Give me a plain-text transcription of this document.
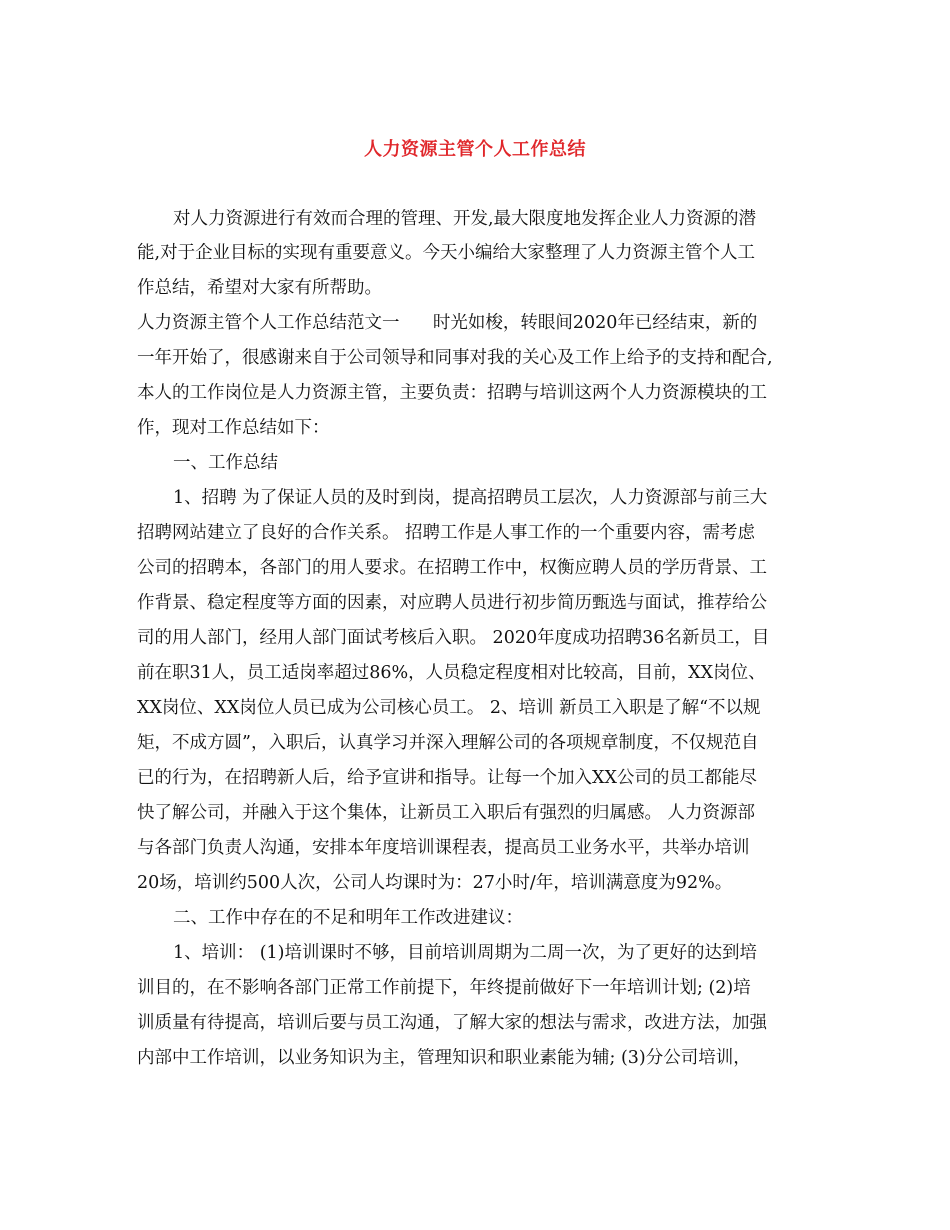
人力资源主管个人工作总结
对人力资源进行有效而合理的管理、开发,最大限度地发挥企业人力资源的潜
能,对于企业目标的实现有重要意义。今天小编给大家整理了人力资源主管个人工
作总结，希望对大家有所帮助。
人力资源主管个人工作总结范文一      时光如梭，转眼间2020年已经结束，新的
一年开始了，很感谢来自于公司领导和同事对我的关心及工作上给予的支持和配合,
本人的工作岗位是人力资源主管，主要负责：招聘与培训这两个人力资源模块的工
作，现对工作总结如下：
一、工作总结
1、招聘 为了保证人员的及时到岗，提高招聘员工层次，人力资源部与前三大
招聘网站建立了良好的合作关系。 招聘工作是人事工作的一个重要内容，需考虑
公司的招聘本，各部门的用人要求。在招聘工作中，权衡应聘人员的学历背景、工
作背景、稳定程度等方面的因素，对应聘人员进行初步简历甄选与面试，推荐给公
司的用人部门，经用人部门面试考核后入职。 2020年度成功招聘36名新员工，目
前在职31人，员工适岗率超过86%，人员稳定程度相对比较高，目前，XX岗位、
XX岗位、XX岗位人员已成为公司核心员工。 2、培训 新员工入职是了解“不以规
矩，不成方圆”，入职后，认真学习并深入理解公司的各项规章制度，不仅规范自
已的行为，在招聘新人后，给予宣讲和指导。让每一个加入XX公司的员工都能尽
快了解公司，并融入于这个集体，让新员工入职后有强烈的归属感。 人力资源部
与各部门负责人沟通，安排本年度培训课程表，提高员工业务水平，共举办培训
20场，培训约500人次，公司人均课时为：27小时/年，培训满意度为92%。
二、工作中存在的不足和明年工作改进建议：
1、培训： (1)培训课时不够，目前培训周期为二周一次，为了更好的达到培
训目的，在不影响各部门正常工作前提下，年终提前做好下一年培训计划; (2)培
训质量有待提高，培训后要与员工沟通，了解大家的想法与需求，改进方法，加强
内部中工作培训，以业务知识为主，管理知识和职业素能为辅; (3)分公司培训，
